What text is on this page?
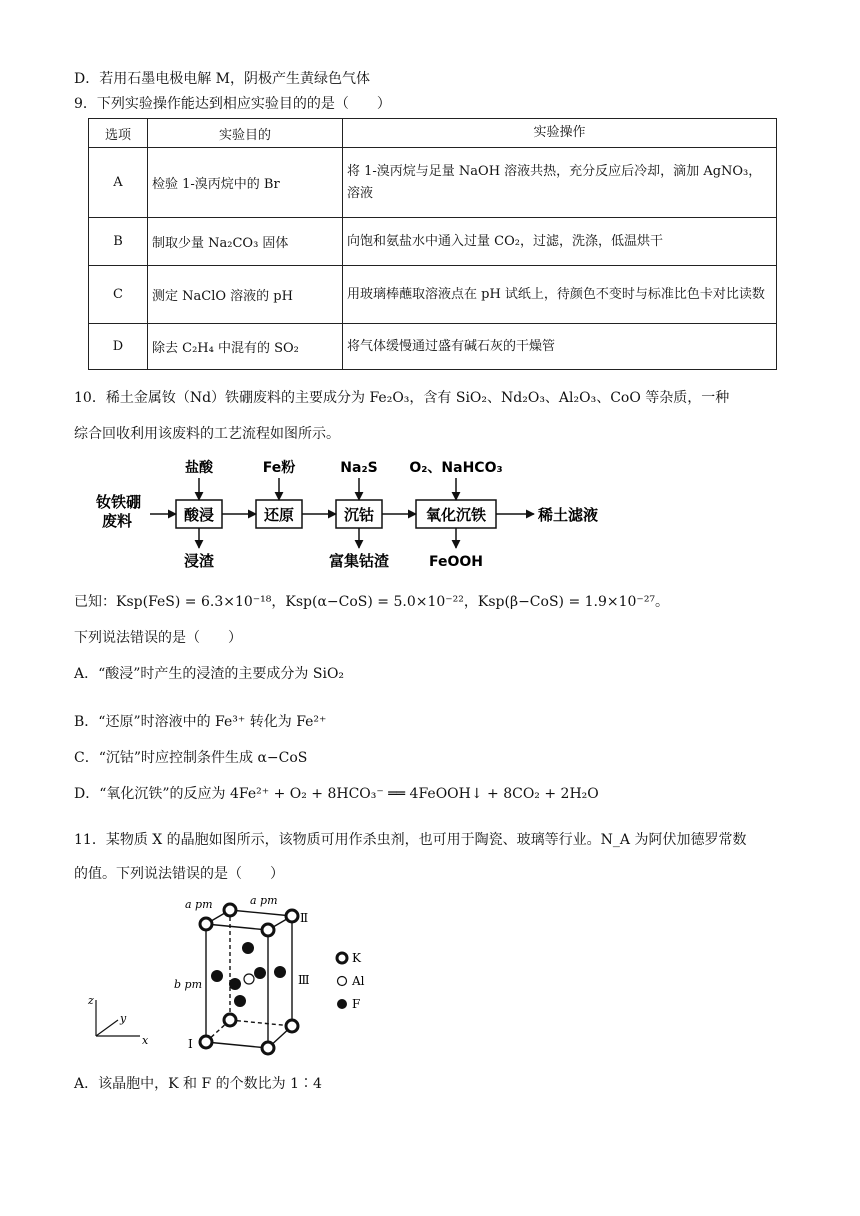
D．若用石墨电极电解 M，阴极产生黄绿色气体
9．下列实验操作能达到相应实验目的的是（　　）
选项	实验目的	实验操作
A	检验 1-溴丙烷中的 Br	将 1-溴丙烷与足量 NaOH 溶液共热，充分反应后冷却，滴加 AgNO₃，溶液
B	制取少量 Na₂CO₃ 固体	向饱和氨盐水中通入过量 CO₂，过滤，洗涤，低温烘干
C	测定 NaClO 溶液的 pH	用玻璃棒蘸取溶液点在 pH 试纸上，待颜色不变时与标准比色卡对比读数
D	除去 C₂H₄ 中混有的 SO₂	将气体缓慢通过盛有碱石灰的干燥管
10．稀土金属钕（Nd）铁硼废料的主要成分为 Fe₂O₃，含有 SiO₂、Nd₂O₃、Al₂O₃、CoO 等杂质，一种
综合回收利用该废料的工艺流程如图所示。
钕铁硼
废料	酸浸	还原	沉钴	氧化沉铁	稀土滤液
盐酸	Fe粉	Na₂S O₂、NaHCO₃
浸渣	富集钴渣	FeOOH
已知：Ksp(FeS) = 6.3×10⁻¹⁸，Ksp(α−CoS) = 5.0×10⁻²²，Ksp(β−CoS) = 1.9×10⁻²⁷。
下列说法错误的是（　　）
A．“酸浸”时产生的浸渣的主要成分为 SiO₂
B．“还原”时溶液中的 Fe³⁺ 转化为 Fe²⁺
C．“沉钴”时应控制条件生成 α−CoS
D．“氧化沉铁”的反应为 4Fe²⁺ + O₂ + 8HCO₃⁻ ══ 4FeOOH↓ + 8CO₂ + 2H₂O
11．某物质 X 的晶胞如图所示，该物质可用作杀虫剂，也可用于陶瓷、玻璃等行业。N_A 为阿伏加德罗常数
的值。下列说法错误的是（　　）
a pm	a pm
b pm
Ⅰ
Ⅱ
Ⅲ
z
y
x
K
Al
F
A．该晶胞中，K 和 F 的个数比为 1∶4
